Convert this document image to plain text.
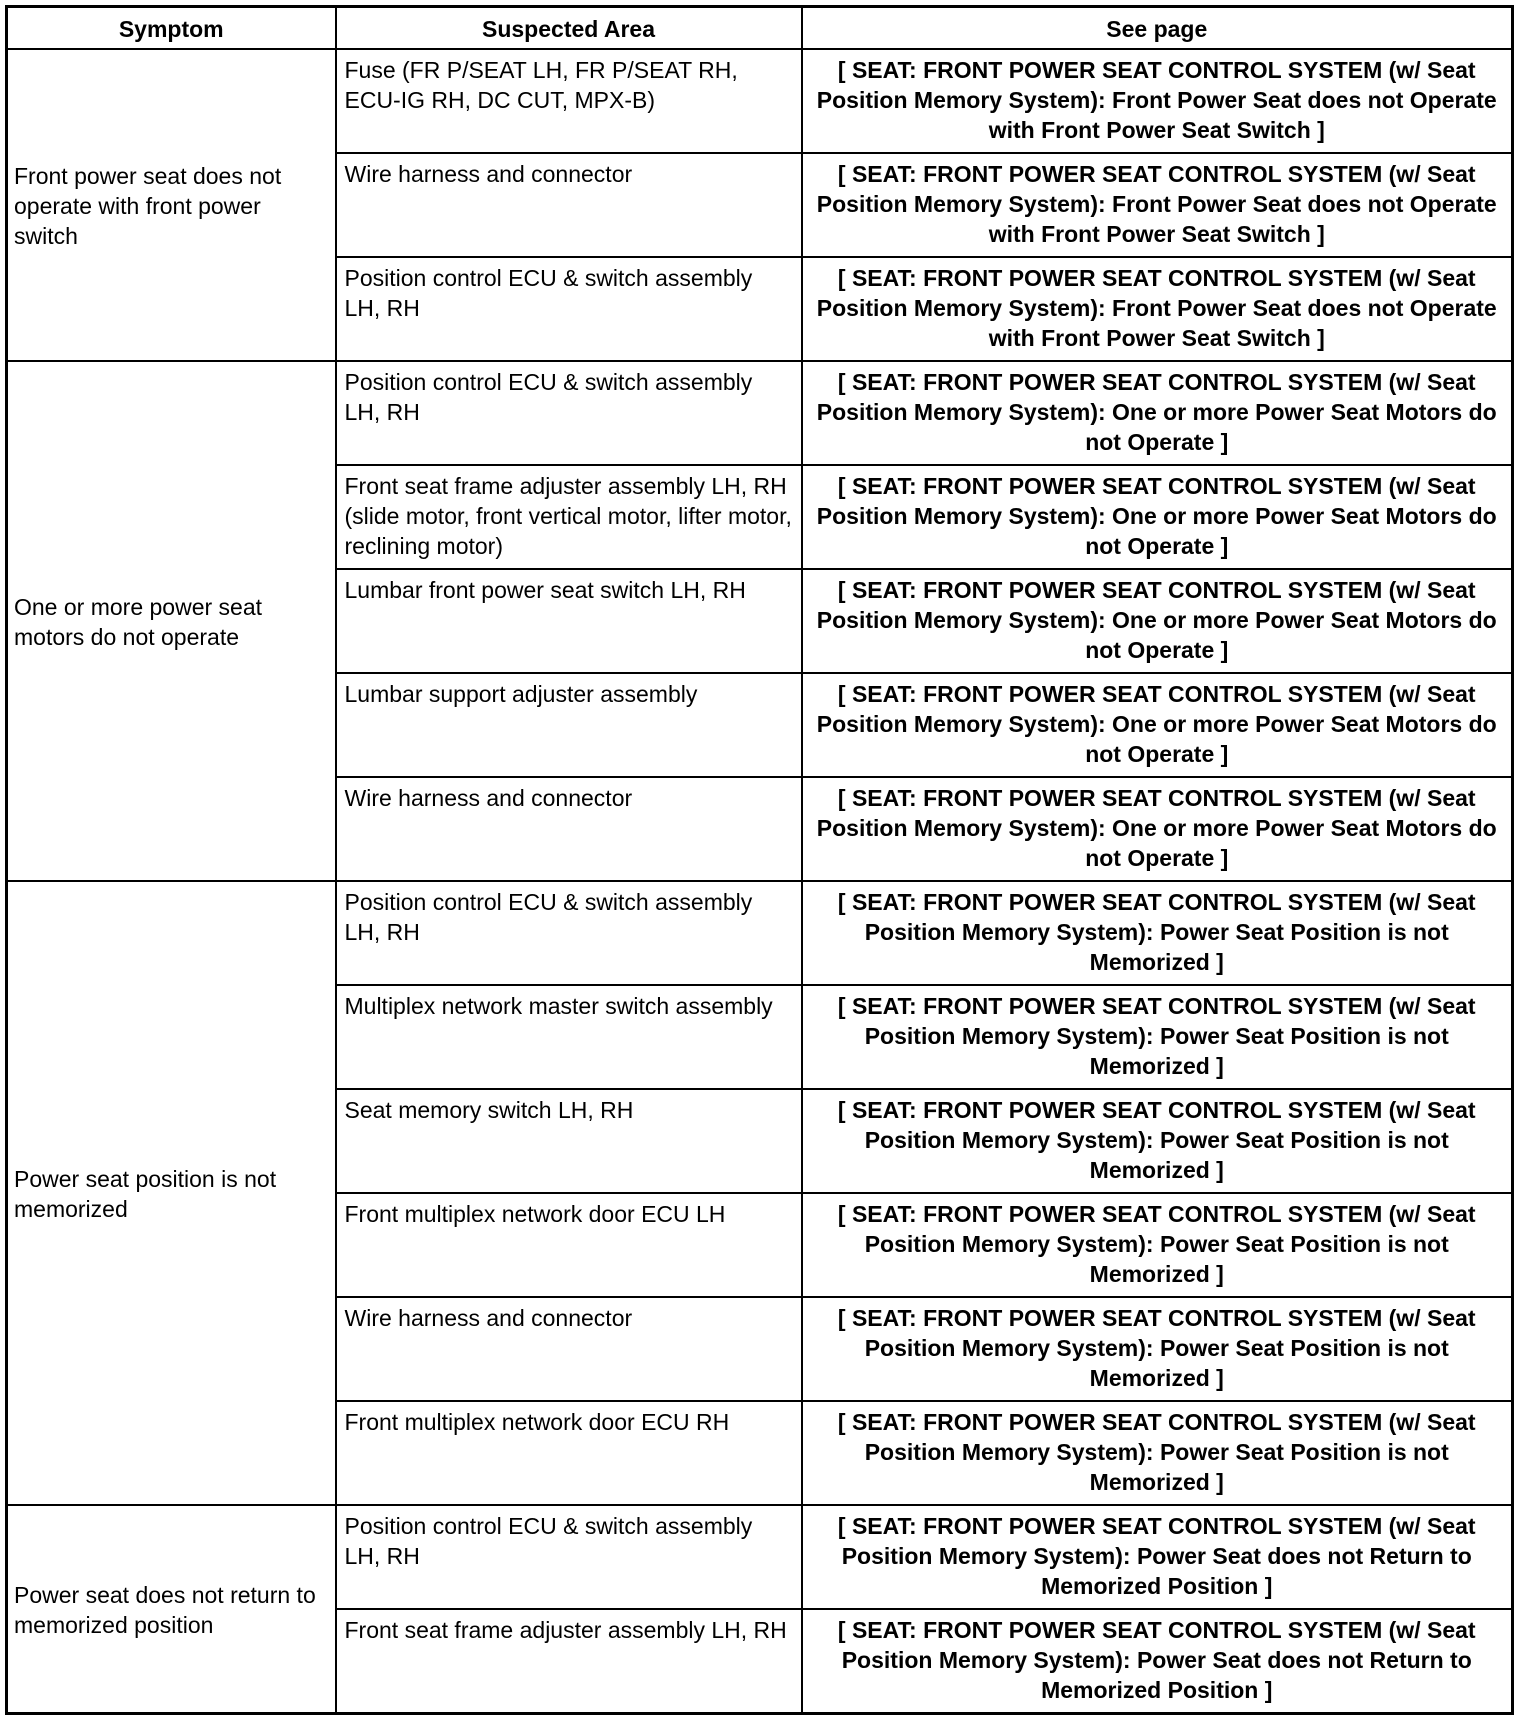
Symptom	Suspected Area	See page
Front power seat does not operate with front power switch	Fuse (FR P/SEAT LH, FR P/SEAT RH, ECU-IG RH, DC CUT, MPX-B)	[ SEAT: FRONT POWER SEAT CONTROL SYSTEM (w/ Seat Position Memory System): Front Power Seat does not Operate with Front Power Seat Switch ]
	Wire harness and connector	[ SEAT: FRONT POWER SEAT CONTROL SYSTEM (w/ Seat Position Memory System): Front Power Seat does not Operate with Front Power Seat Switch ]
	Position control ECU & switch assembly LH, RH	[ SEAT: FRONT POWER SEAT CONTROL SYSTEM (w/ Seat Position Memory System): Front Power Seat does not Operate with Front Power Seat Switch ]
One or more power seat motors do not operate	Position control ECU & switch assembly LH, RH	[ SEAT: FRONT POWER SEAT CONTROL SYSTEM (w/ Seat Position Memory System): One or more Power Seat Motors do not Operate ]
	Front seat frame adjuster assembly LH, RH (slide motor, front vertical motor, lifter motor, reclining motor)	[ SEAT: FRONT POWER SEAT CONTROL SYSTEM (w/ Seat Position Memory System): One or more Power Seat Motors do not Operate ]
	Lumbar front power seat switch LH, RH	[ SEAT: FRONT POWER SEAT CONTROL SYSTEM (w/ Seat Position Memory System): One or more Power Seat Motors do not Operate ]
	Lumbar support adjuster assembly	[ SEAT: FRONT POWER SEAT CONTROL SYSTEM (w/ Seat Position Memory System): One or more Power Seat Motors do not Operate ]
	Wire harness and connector	[ SEAT: FRONT POWER SEAT CONTROL SYSTEM (w/ Seat Position Memory System): One or more Power Seat Motors do not Operate ]
Power seat position is not memorized	Position control ECU & switch assembly LH, RH	[ SEAT: FRONT POWER SEAT CONTROL SYSTEM (w/ Seat Position Memory System): Power Seat Position is not Memorized ]
	Multiplex network master switch assembly	[ SEAT: FRONT POWER SEAT CONTROL SYSTEM (w/ Seat Position Memory System): Power Seat Position is not Memorized ]
	Seat memory switch LH, RH	[ SEAT: FRONT POWER SEAT CONTROL SYSTEM (w/ Seat Position Memory System): Power Seat Position is not Memorized ]
	Front multiplex network door ECU LH	[ SEAT: FRONT POWER SEAT CONTROL SYSTEM (w/ Seat Position Memory System): Power Seat Position is not Memorized ]
	Wire harness and connector	[ SEAT: FRONT POWER SEAT CONTROL SYSTEM (w/ Seat Position Memory System): Power Seat Position is not Memorized ]
	Front multiplex network door ECU RH	[ SEAT: FRONT POWER SEAT CONTROL SYSTEM (w/ Seat Position Memory System): Power Seat Position is not Memorized ]
Power seat does not return to memorized position	Position control ECU & switch assembly LH, RH	[ SEAT: FRONT POWER SEAT CONTROL SYSTEM (w/ Seat Position Memory System): Power Seat does not Return to Memorized Position ]
	Front seat frame adjuster assembly LH, RH	[ SEAT: FRONT POWER SEAT CONTROL SYSTEM (w/ Seat Position Memory System): Power Seat does not Return to Memorized Position ]
